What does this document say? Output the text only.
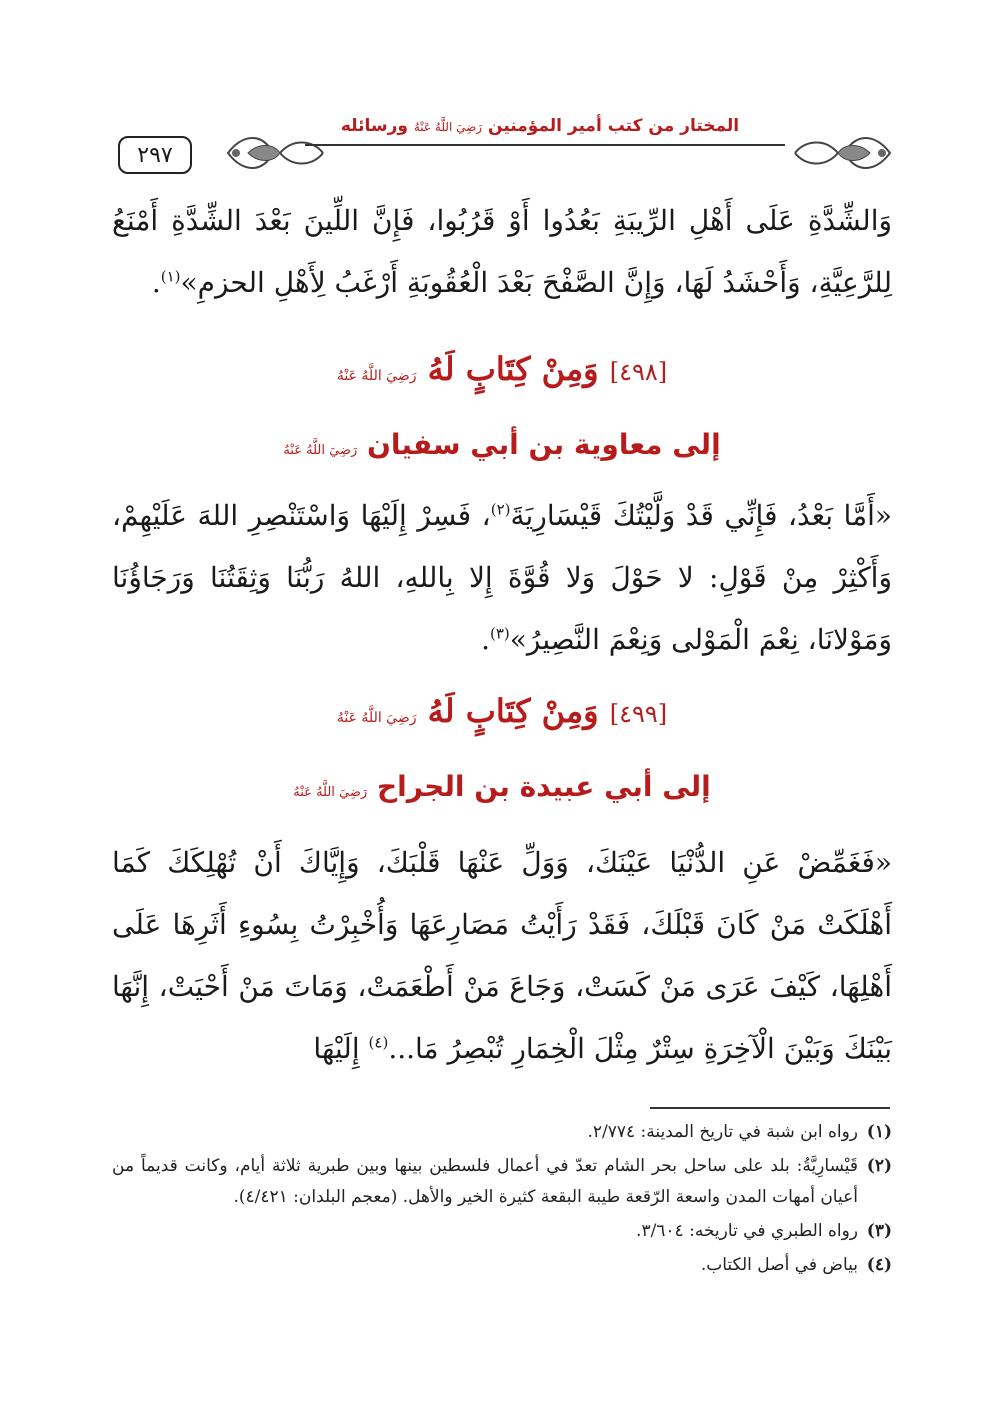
٢٩٧
المختار من كتب أمير المؤمنين رَضِيَ اللَّهُ عَنْهُ ورسائله

وَالشِّدَّةِ عَلَى أَهْلِ الرِّيبَةِ بَعُدُوا أَوْ قَرُبُوا، فَإِنَّ اللِّينَ بَعْدَ الشِّدَّةِ أَمْنَعُ لِلرَّعِيَّةِ، وَأَحْشَدُ لَهَا، وَإِنَّ الصَّفْحَ بَعْدَ الْعُقُوبَةِ أَرْغَبُ لِأَهْلِ الحزمِ»$^{(١)}$.

[٤٩٨] وَمِنْ كِتَابٍ لَهُ رَضِيَ اللَّهُ عَنْهُ
إلى معاوية بن أبي سفيان رَضِيَ اللَّهُ عَنْهُ

«أَمَّا بَعْدُ، فَإِنِّي قَدْ وَلَّيْتُكَ قَيْسَارِيَةَ$^{(٢)}$، فَسِرْ إِلَيْهَا وَاسْتَنْصِرِ اللهَ عَلَيْهِمْ، وَأَكْثِرْ مِنْ قَوْلِ: لا حَوْلَ وَلا قُوَّةَ إِلا بِاللهِ، اللهُ رَبُّنَا وَثِقَتُنَا وَرَجَاؤُنَا وَمَوْلانَا، نِعْمَ الْمَوْلى وَنِعْمَ النَّصِيرُ»$^{(٣)}$.

[٤٩٩] وَمِنْ كِتَابٍ لَهُ رَضِيَ اللَّهُ عَنْهُ
إلى أبي عبيدة بن الجراح رَضِيَ اللَّهُ عَنْهُ

«فَغَمِّضْ عَنِ الدُّنْيَا عَيْنَكَ، وَوَلِّ عَنْهَا قَلْبَكَ، وَإِيَّاكَ أَنْ تُهْلِكَكَ كَمَا أَهْلَكَتْ مَنْ كَانَ قَبْلَكَ، فَقَدْ رَأَيْتُ مَصَارِعَهَا وَأُخْبِرْتُ بِسُوءِ أَثَرِهَا عَلَى أَهْلِهَا، كَيْفَ عَرَى مَنْ كَسَتْ، وَجَاعَ مَنْ أَطْعَمَتْ، وَمَاتَ مَنْ أَحْيَتْ، إِنَّهَا بَيْنَكَ وَبَيْنَ الْآخِرَةِ سِتْرٌ مِثْلَ الْخِمَارِ تُبْصِرُ مَا...$^{(٤)}$ إِلَيْهَا

(١)
رواه ابن شبة في تاريخ المدينة: ٢/٧٧٤.
(٢)
قَيْسارِيَّةُ: بلد على ساحل بحر الشام تعدّ في أعمال فلسطين بينها وبين طبرية ثلاثة أيام، وكانت قديماً من أعيان أمهات المدن واسعة الرّقعة طيبة البقعة كثيرة الخير والأهل. (معجم البلدان: ٤/٤٢١).
(٣)
رواه الطبري في تاريخه: ٣/٦٠٤.
(٤)
بياض في أصل الكتاب.
